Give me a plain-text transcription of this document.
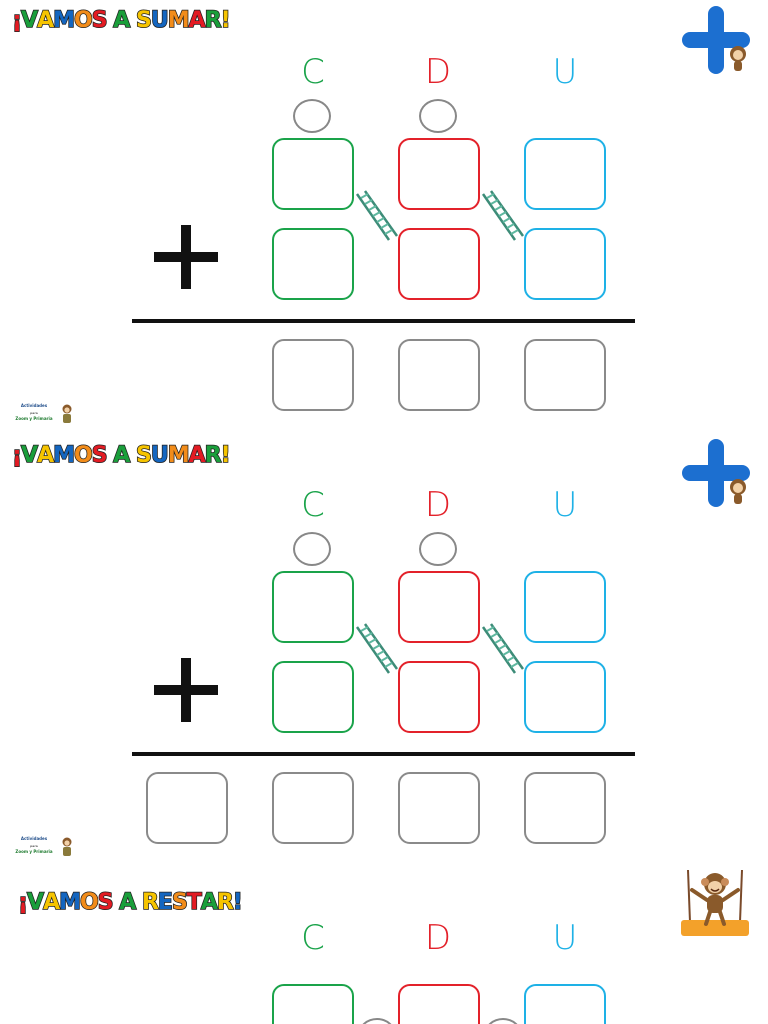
¡VAMOS A SUMAR!
C	D	U
Actividades
para
Zoom y Primaria
¡VAMOS A SUMAR!
C	D	U
Actividades
para
Zoom y Primaria
¡VAMOS A RESTAR!
C	D	U
